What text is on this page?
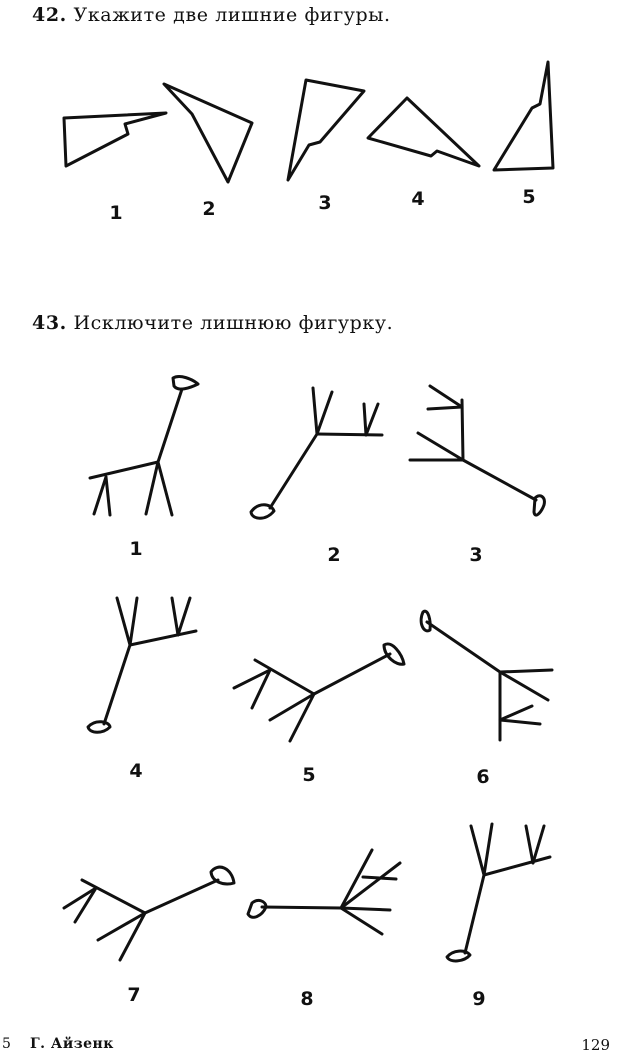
42. Укажите две лишние фигуры.
1	2	3	4	5
43. Исключите лишнюю фигурку.
1	2	3
4	5	6
7	8	9
5 Г. Айзенк	129
